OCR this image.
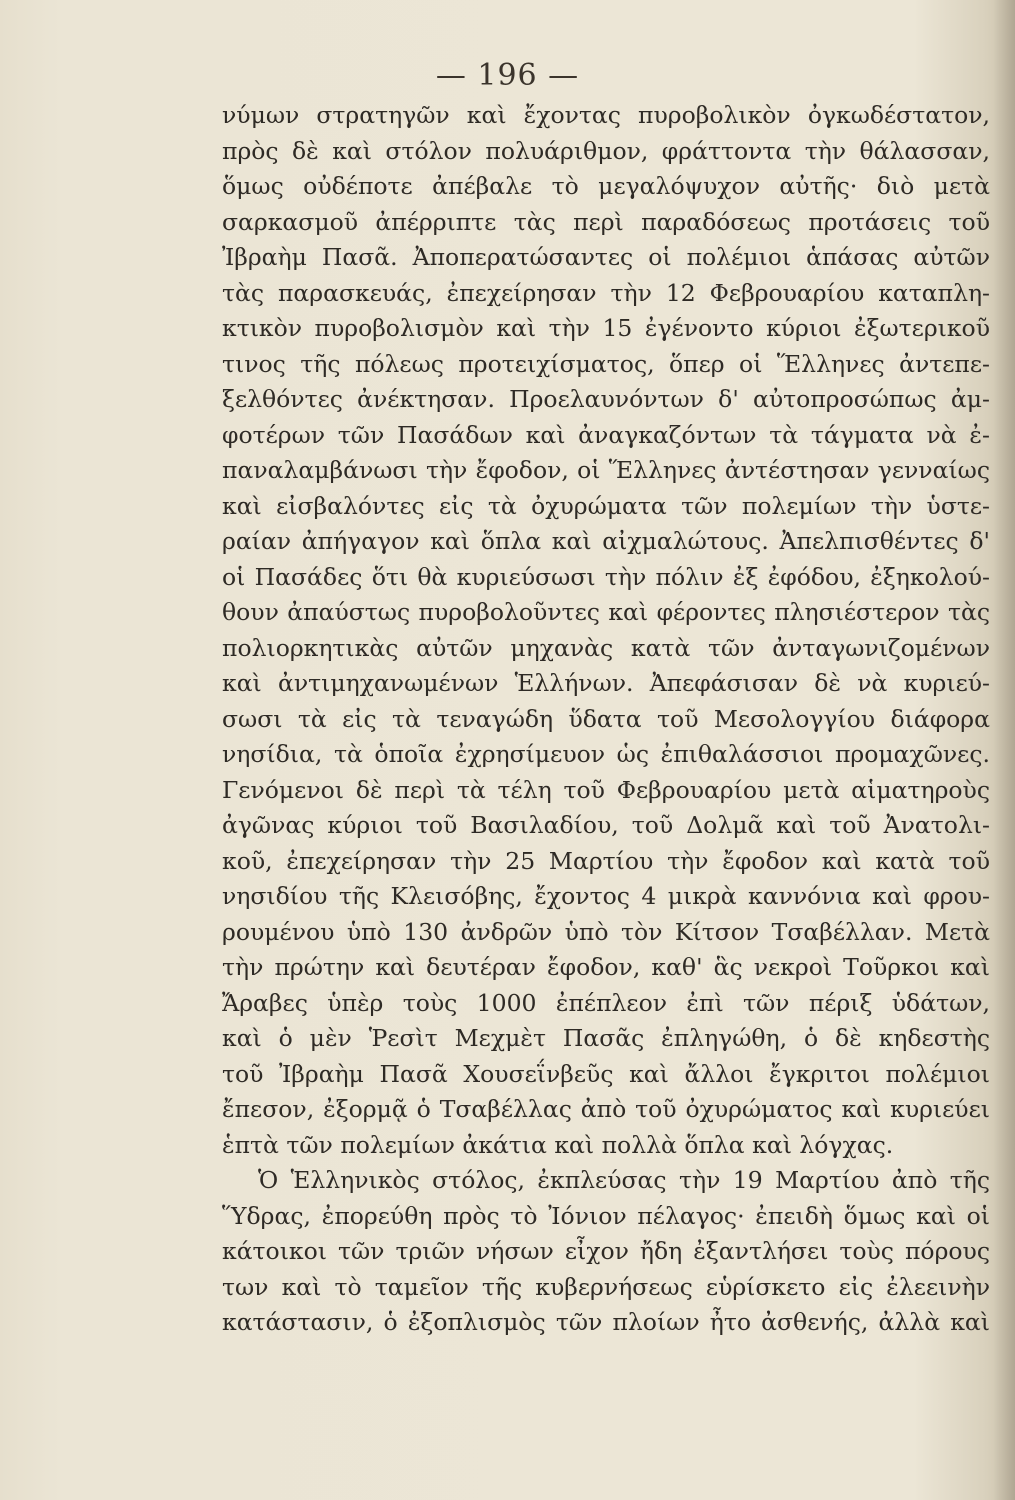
— 196 —
νύμων στρατηγῶν καὶ ἔχοντας πυροβολικὸν ὀγκωδέστατον,
πρὸς δὲ καὶ στόλον πολυάριθμον, φράττοντα τὴν θάλασσαν,
ὅμως οὐδέποτε ἀπέβαλε τὸ μεγαλόψυχον αὐτῆς· διὸ μετὰ
σαρκασμοῦ ἀπέρριπτε τὰς περὶ παραδόσεως προτάσεις τοῦ
Ἰβραὴμ Πασᾶ. Ἀποπερατώσαντες οἱ πολέμιοι ἁπάσας αὐτῶν
τὰς παρασκευάς, ἐπεχείρησαν τὴν 12 Φεβρουαρίου καταπλη-
κτικὸν πυροβολισμὸν καὶ τὴν 15 ἐγένοντο κύριοι ἐξωτερικοῦ
τινος τῆς πόλεως προτειχίσματος, ὅπερ οἱ Ἕλληνες ἀντεπε-
ξελθόντες ἀνέκτησαν. Προελαυνόντων δ' αὐτοπροσώπως ἀμ-
φοτέρων τῶν Πασάδων καὶ ἀναγκαζόντων τὰ τάγματα νὰ ἐ-
παναλαμβάνωσι τὴν ἔφοδον, οἱ Ἕλληνες ἀντέστησαν γενναίως
καὶ εἰσβαλόντες εἰς τὰ ὀχυρώματα τῶν πολεμίων τὴν ὑστε-
ραίαν ἀπήγαγον καὶ ὅπλα καὶ αἰχμαλώτους. Ἀπελπισθέντες δ'
οἱ Πασάδες ὅτι θὰ κυριεύσωσι τὴν πόλιν ἐξ ἐφόδου, ἐξηκολού-
θουν ἀπαύστως πυροβολοῦντες καὶ φέροντες πλησιέστερον τὰς
πολιορκητικὰς αὐτῶν μηχανὰς κατὰ τῶν ἀνταγωνιζομένων
καὶ ἀντιμηχανωμένων Ἑλλήνων. Ἀπεφάσισαν δὲ νὰ κυριεύ-
σωσι τὰ εἰς τὰ τεναγώδη ὕδατα τοῦ Μεσολογγίου διάφορα
νησίδια, τὰ ὁποῖα ἐχρησίμευον ὡς ἐπιθαλάσσιοι προμαχῶνες.
Γενόμενοι δὲ περὶ τὰ τέλη τοῦ Φεβρουαρίου μετὰ αἱματηροὺς
ἀγῶνας κύριοι τοῦ Βασιλαδίου, τοῦ Δολμᾶ καὶ τοῦ Ἀνατολι-
κοῦ, ἐπεχείρησαν τὴν 25 Μαρτίου τὴν ἔφοδον καὶ κατὰ τοῦ
νησιδίου τῆς Κλεισόβης, ἔχοντος 4 μικρὰ καννόνια καὶ φρου-
ρουμένου ὑπὸ 130 ἀνδρῶν ὑπὸ τὸν Κίτσον Τσαβέλλαν. Μετὰ
τὴν πρώτην καὶ δευτέραν ἔφοδον, καθ' ἃς νεκροὶ Τοῦρκοι καὶ
Ἄραβες ὑπὲρ τοὺς 1000 ἐπέπλεον ἐπὶ τῶν πέριξ ὑδάτων,
καὶ ὁ μὲν Ῥεσὶτ Μεχμὲτ Πασᾶς ἐπληγώθη, ὁ δὲ κηδεστὴς
τοῦ Ἰβραὴμ Πασᾶ Χουσεΐνβεῦς καὶ ἄλλοι ἔγκριτοι πολέμιοι
ἔπεσον, ἐξορμᾷ ὁ Τσαβέλλας ἀπὸ τοῦ ὀχυρώματος καὶ κυριεύει
ἑπτὰ τῶν πολεμίων ἀκάτια καὶ πολλὰ ὅπλα καὶ λόγχας.
Ὁ Ἑλληνικὸς στόλος, ἐκπλεύσας τὴν 19 Μαρτίου ἀπὸ τῆς
Ὕδρας, ἐπορεύθη πρὸς τὸ Ἰόνιον πέλαγος· ἐπειδὴ ὅμως καὶ οἱ
κάτοικοι τῶν τριῶν νήσων εἶχον ἤδη ἐξαντλήσει τοὺς πόρους
των καὶ τὸ ταμεῖον τῆς κυβερνήσεως εὑρίσκετο εἰς ἐλεεινὴν
κατάστασιν, ὁ ἐξοπλισμὸς τῶν πλοίων ἦτο ἀσθενής, ἀλλὰ καὶ
